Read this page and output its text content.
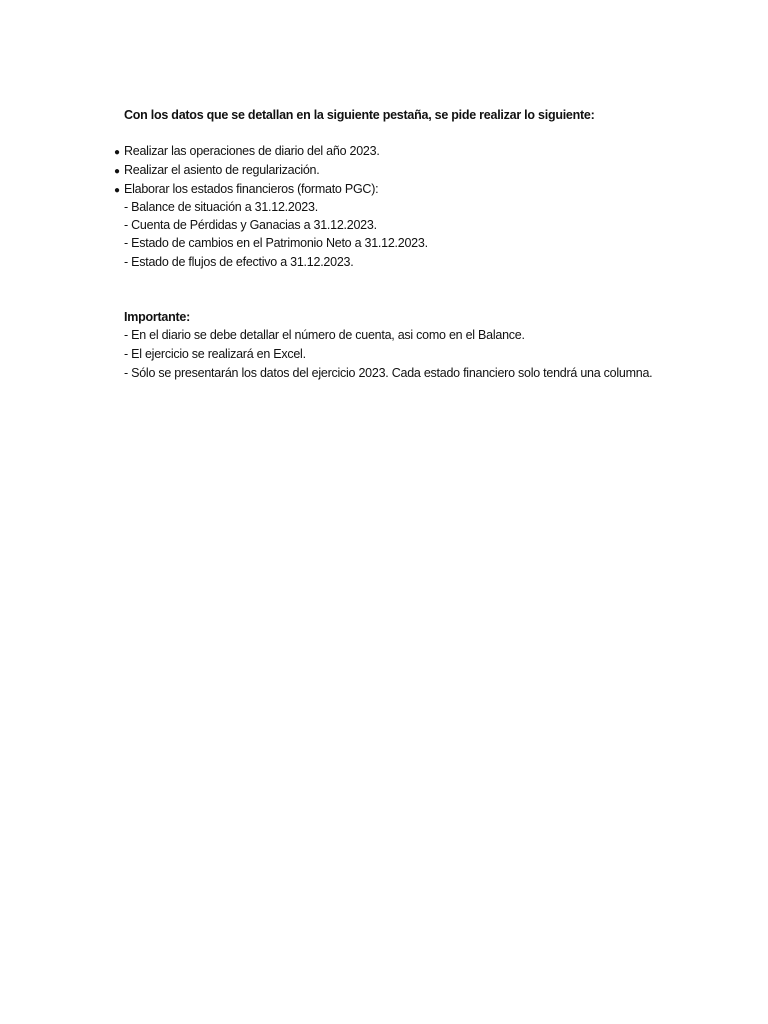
Con los datos que se detallan en la siguiente pestaña, se pide realizar lo siguiente:
● Realizar las operaciones de diario del año 2023.
● Realizar el asiento de regularización.
● Elaborar los estados financieros (formato PGC):
- Balance de situación a 31.12.2023.
- Cuenta de Pérdidas y Ganacias a 31.12.2023.
- Estado de cambios en el Patrimonio Neto a 31.12.2023.
- Estado de flujos de efectivo a 31.12.2023.
Importante:
- En el diario se debe detallar el número de cuenta, asi como en el Balance.
- El ejercicio se realizará en Excel.
- Sólo se presentarán los datos del ejercicio 2023. Cada estado financiero solo tendrá una columna.
